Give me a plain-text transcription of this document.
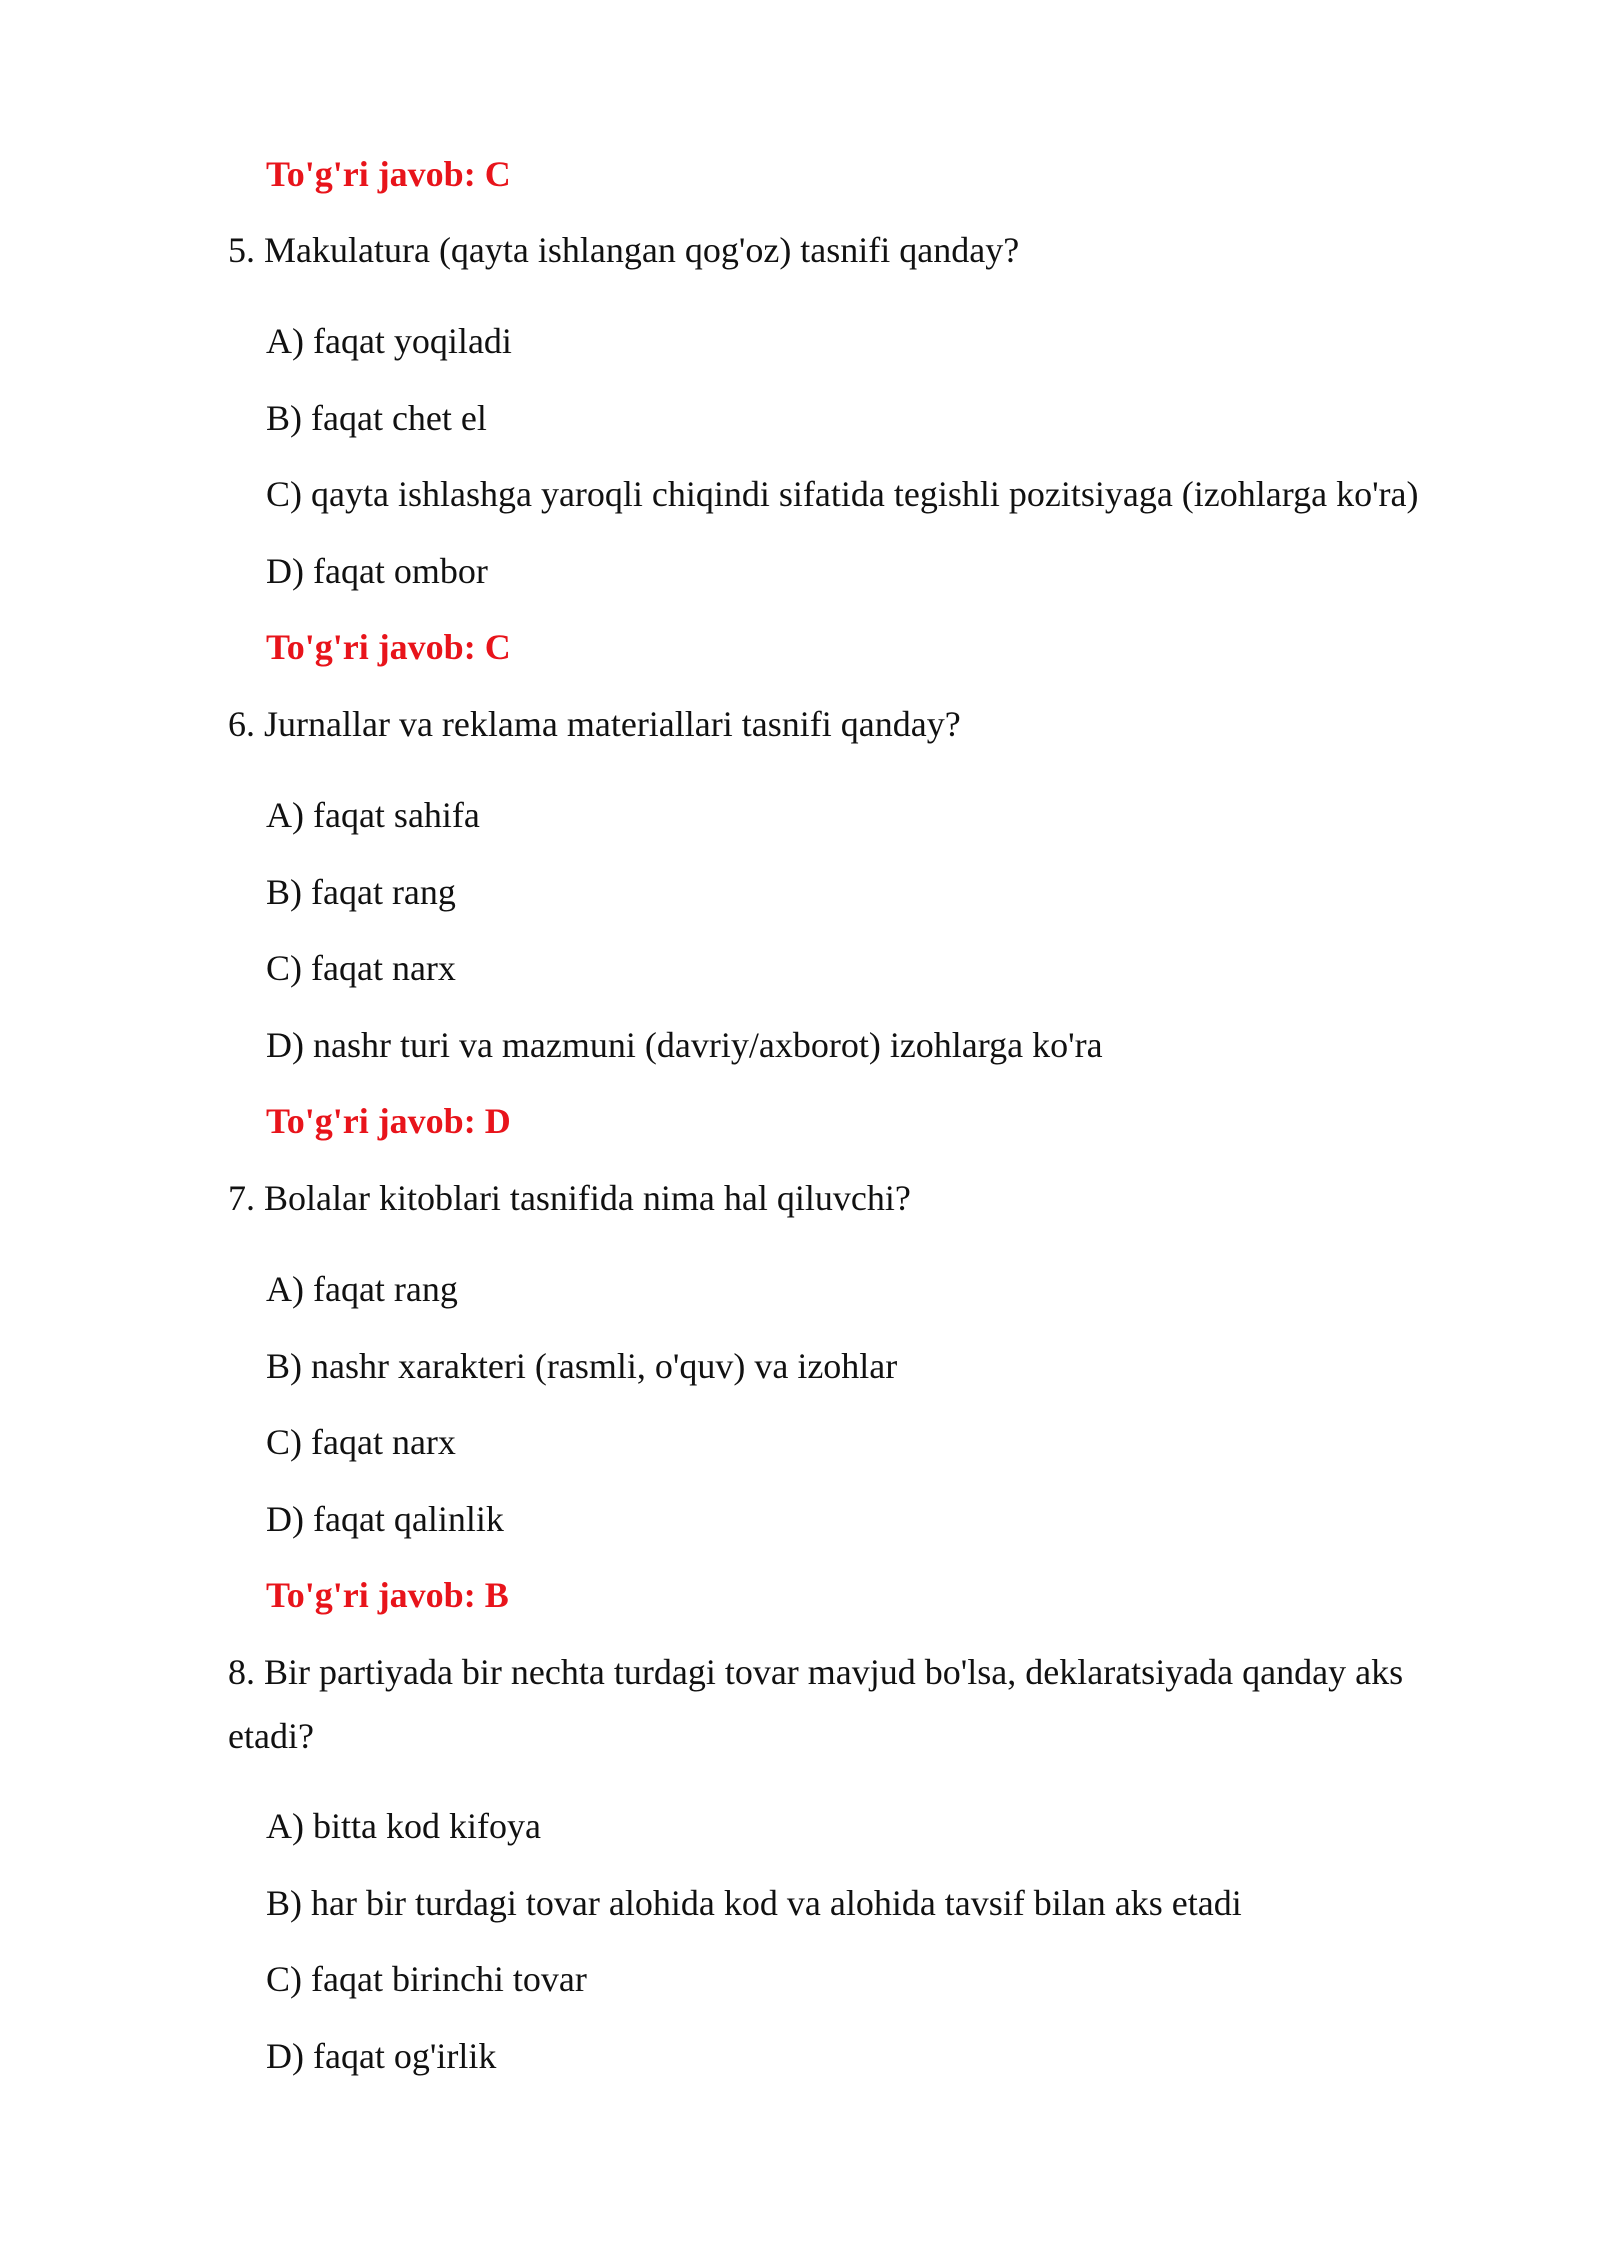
To'g'ri javob: C
5. Makulatura (qayta ishlangan qog'oz) tasnifi qanday?
A) faqat yoqiladi
B) faqat chet el
C) qayta ishlashga yaroqli chiqindi sifatida tegishli pozitsiyaga (izohlarga ko'ra)
D) faqat ombor
To'g'ri javob: C
6. Jurnallar va reklama materiallari tasnifi qanday?
A) faqat sahifa
B) faqat rang
C) faqat narx
D) nashr turi va mazmuni (davriy/axborot) izohlarga ko'ra
To'g'ri javob: D
7. Bolalar kitoblari tasnifida nima hal qiluvchi?
A) faqat rang
B) nashr xarakteri (rasmli, o'quv) va izohlar
C) faqat narx
D) faqat qalinlik
To'g'ri javob: B
8. Bir partiyada bir nechta turdagi tovar mavjud bo'lsa, deklaratsiyada qanday aks
etadi?
A) bitta kod kifoya
B) har bir turdagi tovar alohida kod va alohida tavsif bilan aks etadi
C) faqat birinchi tovar
D) faqat og'irlik
